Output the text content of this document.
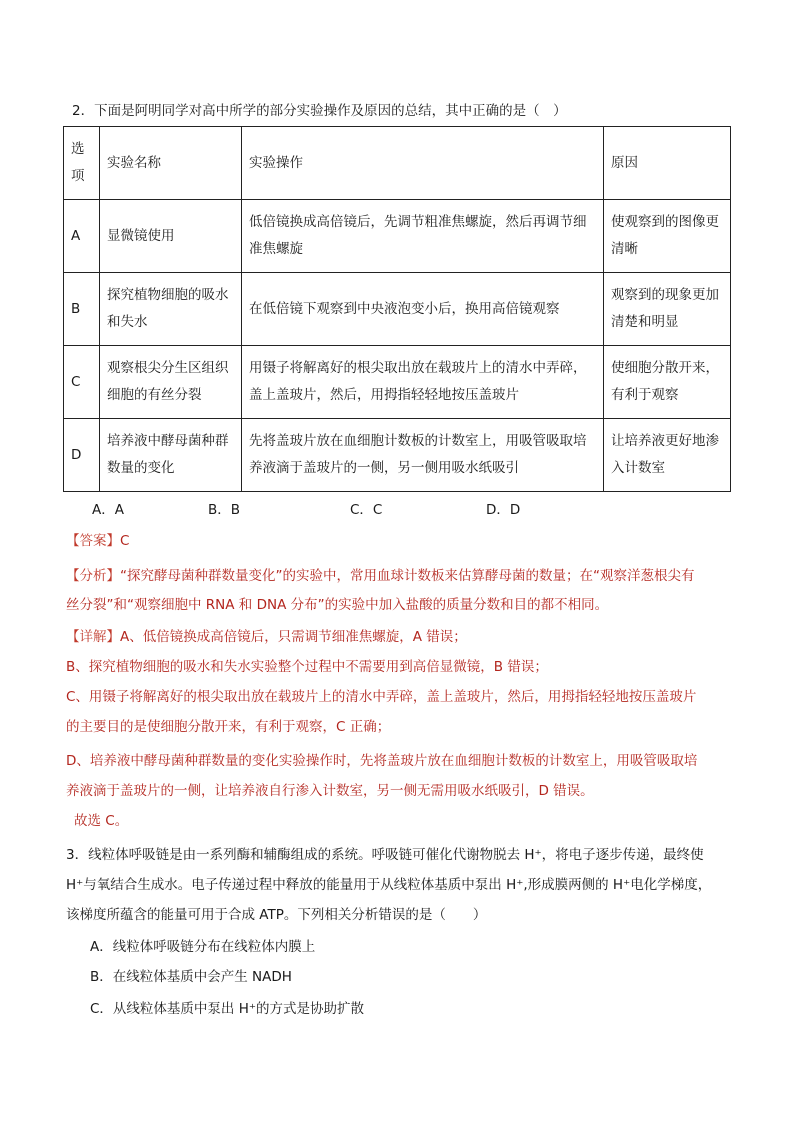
2．下面是阿明同学对高中所学的部分实验操作及原因的总结，其中正确的是（　）
选项	实验名称	实验操作	原因
A	显微镜使用	低倍镜换成高倍镜后，先调节粗准焦螺旋，然后再调节细准焦螺旋	使观察到的图像更清晰
B	探究植物细胞的吸水和失水	在低倍镜下观察到中央液泡变小后，换用高倍镜观察	观察到的现象更加清楚和明显
C	观察根尖分生区组织细胞的有丝分裂	用镊子将解离好的根尖取出放在载玻片上的清水中弄碎，盖上盖玻片，然后，用拇指轻轻地按压盖玻片	使细胞分散开来，有利于观察
D	培养液中酵母菌种群数量的变化	先将盖玻片放在血细胞计数板的计数室上，用吸管吸取培养液滴于盖玻片的一侧，另一侧用吸水纸吸引	让培养液更好地渗入计数室
A．A	B．B	C．C	D．D
【答案】C
【分析】“探究酵母菌种群数量变化”的实验中，常用血球计数板来估算酵母菌的数量；在“观察洋葱根尖有
丝分裂”和“观察细胞中 RNA 和 DNA 分布”的实验中加入盐酸的质量分数和目的都不相同。
【详解】A、低倍镜换成高倍镜后，只需调节细准焦螺旋，A 错误；
B、探究植物细胞的吸水和失水实验整个过程中不需要用到高倍显微镜，B 错误；
C、用镊子将解离好的根尖取出放在载玻片上的清水中弄碎，盖上盖玻片，然后，用拇指轻轻地按压盖玻片
的主要目的是使细胞分散开来，有利于观察，C 正确；
D、培养液中酵母菌种群数量的变化实验操作时，先将盖玻片放在血细胞计数板的计数室上，用吸管吸取培
养液滴于盖玻片的一侧，让培养液自行渗入计数室，另一侧无需用吸水纸吸引，D 错误。
故选 C。
3．线粒体呼吸链是由一系列酶和辅酶组成的系统。呼吸链可催化代谢物脱去 H⁺，将电子逐步传递，最终使
H⁺与氧结合生成水。电子传递过程中释放的能量用于从线粒体基质中泵出 H⁺,形成膜两侧的 H⁺电化学梯度，
该梯度所蕴含的能量可用于合成 ATP。下列相关分析错误的是（　　）
A．线粒体呼吸链分布在线粒体内膜上
B．在线粒体基质中会产生 NADH
C．从线粒体基质中泵出 H⁺的方式是协助扩散
